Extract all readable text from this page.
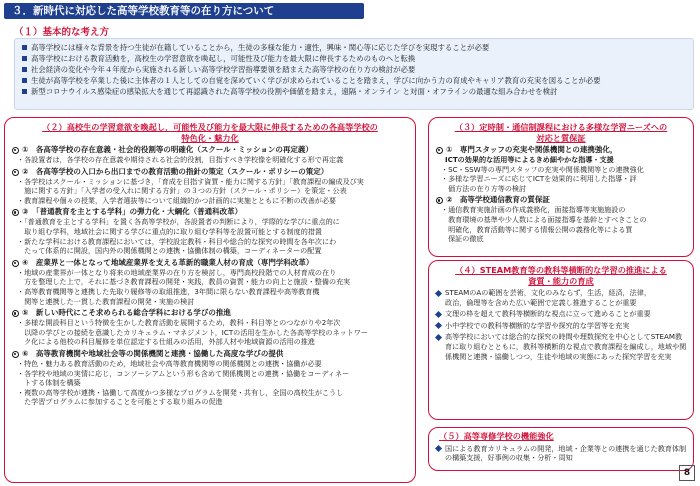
３．新時代に対応した高等学校教育等の在り方について
（１）基本的な考え方
高等学校には様々な背景を持つ生徒が在籍していることから，生徒の多様な能力・適性，興味・関心等に応じた学びを実現することが必要
高等学校における教育活動を，高校生の学習意欲を喚起し，可能性及び能力を最大限に伸長するためのものへと転換
社会経済の変化や今年４年度から実施される新しい高等学校学習指導要領を踏まえた高等学校の在り方の検討が必要
生徒が高等学校を卒業した後に主体者の１人としての自覚を深めていく学びが求められていることを踏まえ，学びに向かう力の育成やキャリア教育の充実を図ることが必要
新型コロナウイルス感染症の感染拡大を通じて再認識された高等学校の役割や価値を踏まえ，遠隔・オンライン と対面・オフラインの最適な組み合わせを検討
（２）高校生の学習意欲を喚起し，可能性及び能力を最大限に伸長するための各高等学校の
特色化・魅力化
①　各高等学校の存在意義・社会的役割等の明確化（スクール・ミッションの再定義）
・各設置者は，各学校の存在意義や期待される社会的役割，目指すべき学校像を明確化する形で再定義
②　各高等学校の入口から出口までの教育活動の指針の策定（スクール・ポリシーの策定）
・各学校はスクール・ミッションに基づき，「育成を目指す資質・能力に関する方針」「教育課程の編成及び実
　施に関する方針」「入学者の受入れに関する方針」の３つの方針（スクール・ポリシー）を策定・公表
・教育課程や個々の授業，入学者選抜等について組織的かつ計画的に実施とともに不断の改善が必要
③　「普通教育を主とする学科」の弾力化・大綱化（普通科改革）
・「普通教育を主とする学科」を置く各高等学校が，各設置者の判断により，学際的な学びに重点的に
　取り組む学科，地域社会に関する学びに重点的に取り組む学科等を設置可能とする制度的措置
・新たな学科における教育課程においては，学校設定教科・科目や総合的な探究の時間を各年次にわ
　たって体系的に開設，国内外の関係機関との連携・協働体制の構築，コーディネーターの配置
④　産業界と一体となって地域産業界を支える革新的職業人材の育成（専門学科改革）
・地域の産業界が一体となり将来の地域産業界の在り方を検討し，専門高校段階での人材育成の在り
　方を整理した上で，それに基づき教育課程の開発・実践，教員の資質・能力の向上と施設・整備の充実
・高等教育機関等と連携した先取り履修等の取組推進，3年間に限らない教育課程や高等教育機
　関等と連携した一貫した教育課程の開発・実施の検討
⑤　新しい時代にこそ求められる総合学科における学びの推進
・多様な開設科目という特徴を生かした教育活動を展開するため，教科・科目等とのつながりや2年次
　以降の学びとの接続を意識したカリキュラム・マネジメント，ICTの活用を生かした各高等学校のネットワー
　ク化による他校の科目履修を単位認定する仕組みの活用，外部人材や地域資源の活用の推進
⑥　高等教育機関や地域社会等の関係機関と連携・協働した高度な学びの提供
・特色・魅力ある教育活動のため，地域社会や高等教育機関等の関係機関との連携・協働が必要
・各学校や地域の実情に応じ，コンソーシアムという形も含めて関係機関との連携・協働をコーディネー
　トする体制を構築
・複数の高等学校が連携・協働して高度かつ多様なプログラムを開発・共有し，全国の高校生がこうし
　た学習プログラムに参加することを可能とする取り組みの促進
（３）定時制・通信制課程における多様な学習ニーズへの
対応と質保証
①　専門スタッフの充実や関係機関との連携強化，
ICTの効果的な活用等によるきめ細やかな指導・支援
・SC・SSW等の専門スタッフの充実や関係機関等との連携強化
・多様な学習ニーズに応じてICTを効果的に利用した指導・評
　価方法の在り方等の検討
②　高等学校通信教育の質保証
・通信教育実施計画の作成義務化，面接指導等実施施設の
　教育環境の基準や少人数による面接指導を基幹とすべきことの
　明確化，教育活動等に関する情報公開の義務化等による質
　保証の徹底
（４）STEAM教育等の教科等横断的な学習の推進による
資質・能力の育成
STEAMのAの範囲を芸術，文化のみならず，生活，経済，法律，
政治，倫理等を含めた広い範囲で定義し推進することが重要
文理の枠を超えて教科等横断的な視点に立って進めることが重要
小中学校での教科等横断的な学習や探究的な学習等を充実
高等学校においては総合的な探究の時間や理数探究を中心としてSTEAM教育に取り組むとともに，教科等横断的な視点で教育課程を編成し，地域や関係機関と連携・協働しつつ，生徒や地域の実態にあった探究学習を充実
（５）高等専修学校の機能強化
国による教育カリキュラムの開発，地域・企業等との連携を通じた教育体制の構築支援，好事例の収集・分析・周知
8
